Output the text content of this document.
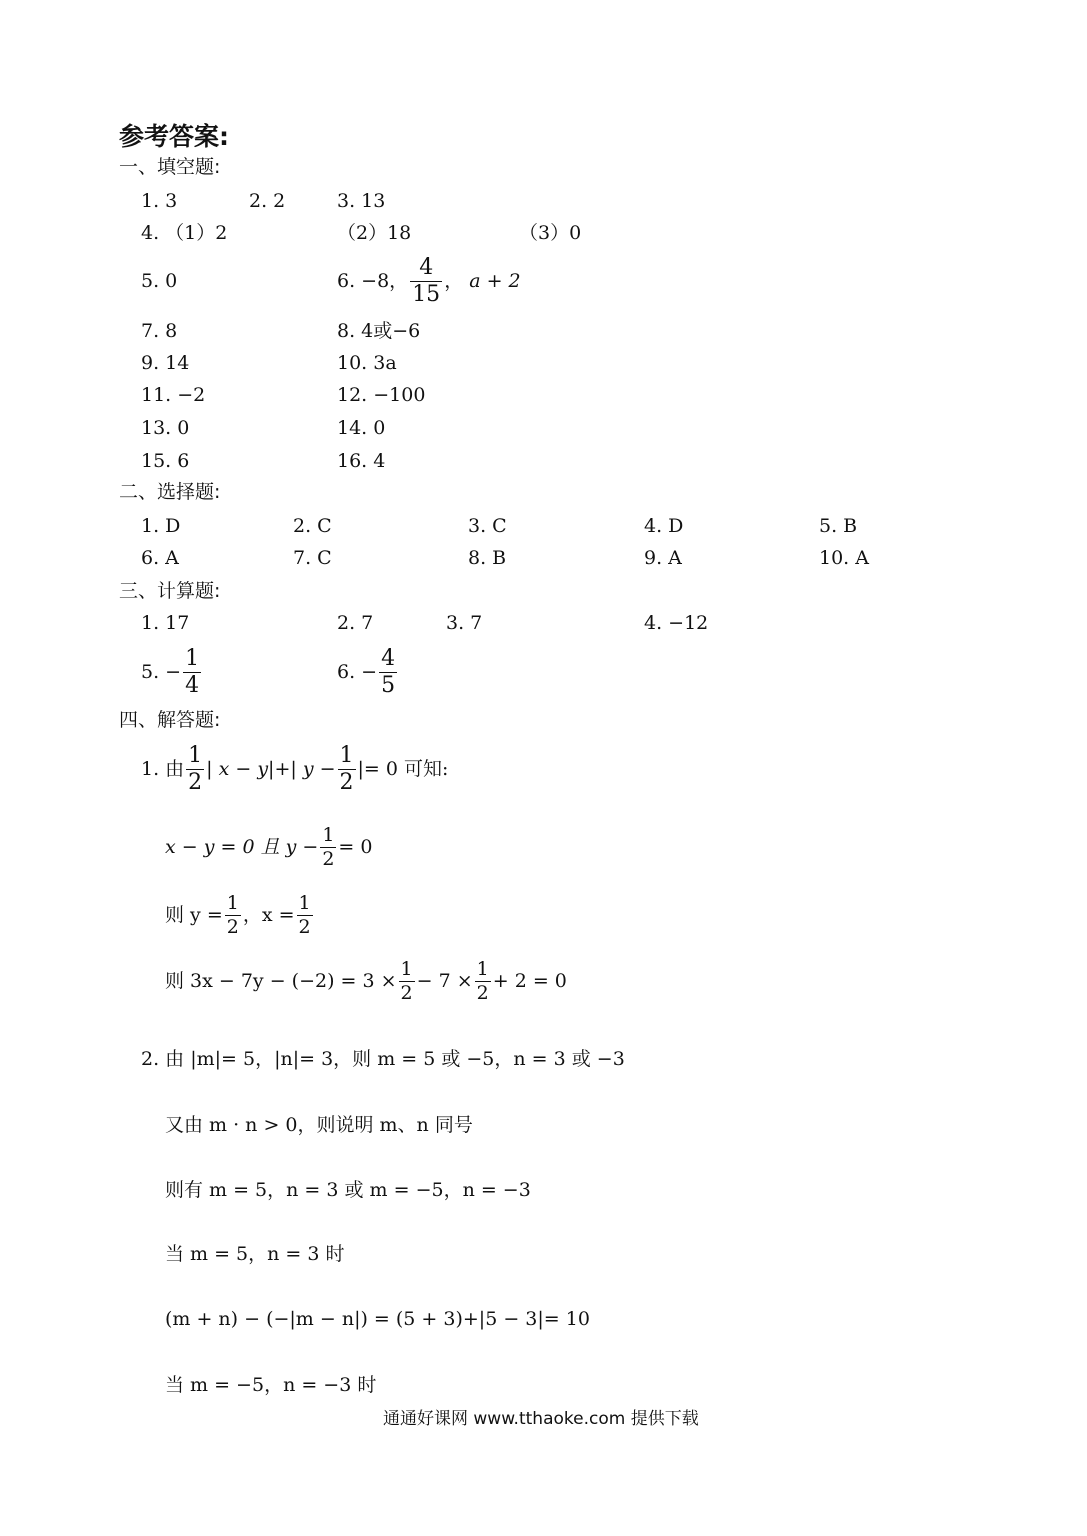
参考答案:
一、填空题:
1. 3	2. 2	3. 13
4. （1）2	（2）18	（3）0
5. 0	6. −8， $\frac{4}{15}$ ， a + 2
7. 8	8. 4或−6
9. 14	10. 3a
11. −2	12. −100
13. 0	14. 0
15. 6	16. 4
二、选择题:
1. D	2. C	3. C	4. D	5. B
6. A	7. C	8. B	9. A	10. A
三、计算题:
1. 17	2. 7	3. 7	4. −12
5. − $\frac{1}{4}$	6. − $\frac{4}{5}$
四、解答题:
1. 由 $\frac{1}{2}$ | x − y|+| $y - \frac{1}{2}$ |= 0 可知:
x − y = 0 且 $y - \frac{1}{2} = 0$
则 $y = \frac{1}{2}$ ，$x = \frac{1}{2}$
则 $3x - 7y - (-2) = 3 \times \frac{1}{2} - 7 \times \frac{1}{2} + 2 = 0$
2. 由 |m|= 5，|n|= 3，则 m = 5 或 −5，n = 3 或 −3
又由 m · n > 0，则说明 m、n 同号
则有 m = 5，n = 3 或 m = −5，n = −3
当 m = 5，n = 3 时
(m + n) − (−|m − n|) = (5 + 3)+|5 − 3|= 10
当 m = −5，n = −3 时
通通好课网 www.tthaoke.com 提供下载
